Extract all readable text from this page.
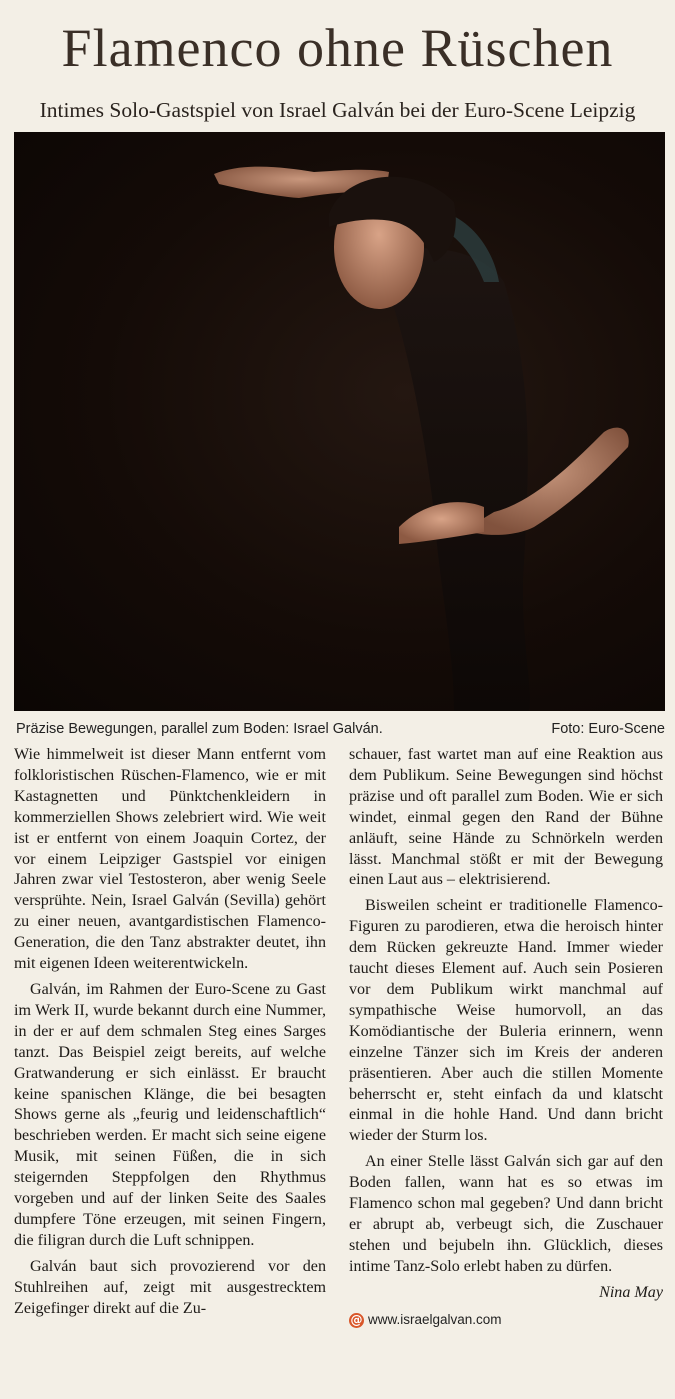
Flamenco ohne Rüschen
Intimes Solo-Gastspiel von Israel Galván bei der Euro-Scene Leipzig
Präzise Bewegungen, parallel zum Boden: Israel Galván.	Foto: Euro-Scene

Wie himmelweit ist dieser Mann entfernt vom folkloristischen Rüschen-Flamenco, wie er mit Kastagnetten und Pünktchenkleidern in kommerziellen Shows zelebriert wird. Wie weit ist er entfernt von einem Joaquin Cortez, der vor einem Leipziger Gastspiel vor einigen Jahren zwar viel Testosteron, aber wenig Seele versprühte. Nein, Israel Galván (Sevilla) gehört zu einer neuen, avantgardistischen Flamenco-Generation, die den Tanz abstrakter deutet, ihn mit eigenen Ideen weiterentwickeln.

Galván, im Rahmen der Euro-Scene zu Gast im Werk II, wurde bekannt durch eine Nummer, in der er auf dem schmalen Steg eines Sarges tanzt. Das Beispiel zeigt bereits, auf welche Gratwanderung er sich einlässt. Er braucht keine spanischen Klänge, die bei besagten Shows gerne als „feurig und leidenschaftlich“ beschrieben werden. Er macht sich seine eigene Musik, mit seinen Füßen, die in sich steigernden Steppfolgen den Rhythmus vorgeben und auf der linken Seite des Saales dumpfere Töne erzeugen, mit seinen Fingern, die filigran durch die Luft schnippen.

Galván baut sich provozierend vor den Stuhlreihen auf, zeigt mit ausgestrecktem Zeigefinger direkt auf die Zu-

schauer, fast wartet man auf eine Reaktion aus dem Publikum. Seine Bewegungen sind höchst präzise und oft parallel zum Boden. Wie er sich windet, einmal gegen den Rand der Bühne anläuft, seine Hände zu Schnörkeln werden lässt. Manchmal stößt er mit der Bewegung einen Laut aus – elektrisierend.

Bisweilen scheint er traditionelle Flamenco-Figuren zu parodieren, etwa die heroisch hinter dem Rücken gekreuzte Hand. Immer wieder taucht dieses Element auf. Auch sein Posieren vor dem Publikum wirkt manchmal auf sympathische Weise humorvoll, an das Komödiantische der Buleria erinnern, wenn einzelne Tänzer sich im Kreis der anderen präsentieren. Aber auch die stillen Momente beherrscht er, steht einfach da und klatscht einmal in die hohle Hand. Und dann bricht wieder der Sturm los.

An einer Stelle lässt Galván sich gar auf den Boden fallen, wann hat es so etwas im Flamenco schon mal gegeben? Und dann bricht er abrupt ab, verbeugt sich, die Zuschauer stehen und bejubeln ihn. Glücklich, dieses intime Tanz-Solo erlebt haben zu dürfen.

Nina May

@ www.israelgalvan.com
